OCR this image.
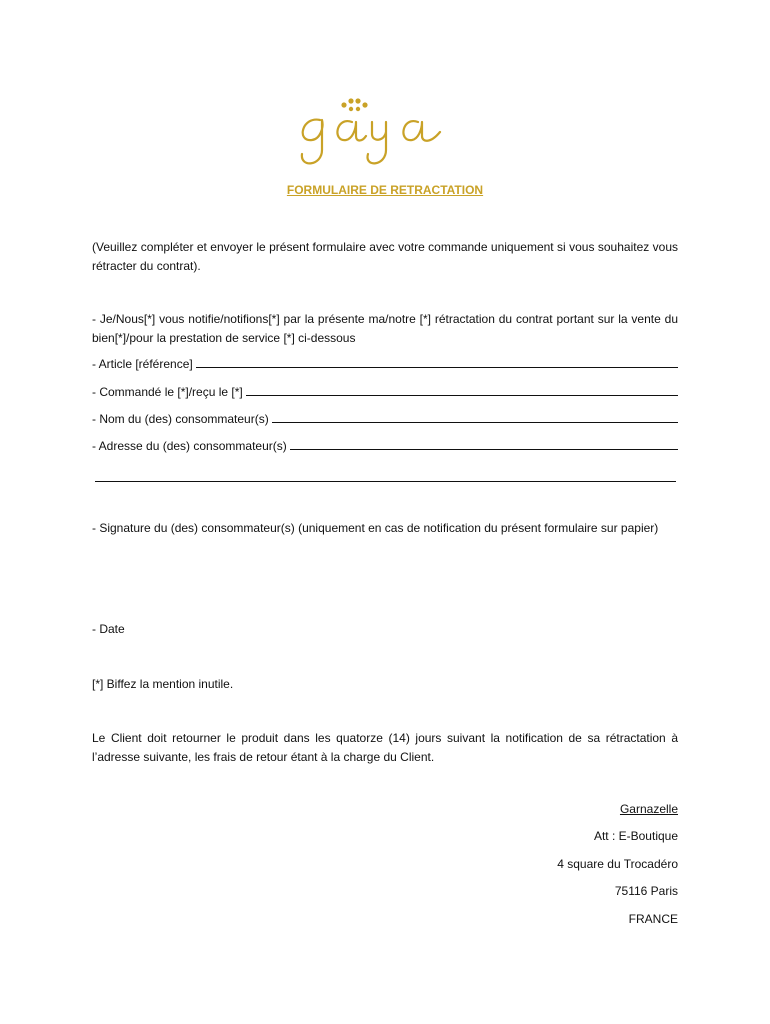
FORMULAIRE DE RETRACTATION
(Veuillez compléter et envoyer le présent formulaire avec votre commande uniquement si vous souhaitez vous rétracter du contrat).
- Je/Nous[*] vous notifie/notifions[*] par la présente ma/notre [*] rétractation du contrat portant sur la vente du bien[*]/pour la prestation de service [*] ci-dessous
- Article [référence]
- Commandé le [*]/reçu le [*]
- Nom du (des) consommateur(s)
- Adresse du (des) consommateur(s)
- Signature du (des) consommateur(s) (uniquement en cas de notification du présent formulaire sur papier)
- Date
[*] Biffez la mention inutile.
Le Client doit retourner le produit dans les quatorze (14) jours suivant la notification de sa rétractation à l’adresse suivante, les frais de retour étant à la charge du Client.
Garnazelle
Att : E-Boutique
4 square du Trocadéro
75116 Paris
FRANCE
